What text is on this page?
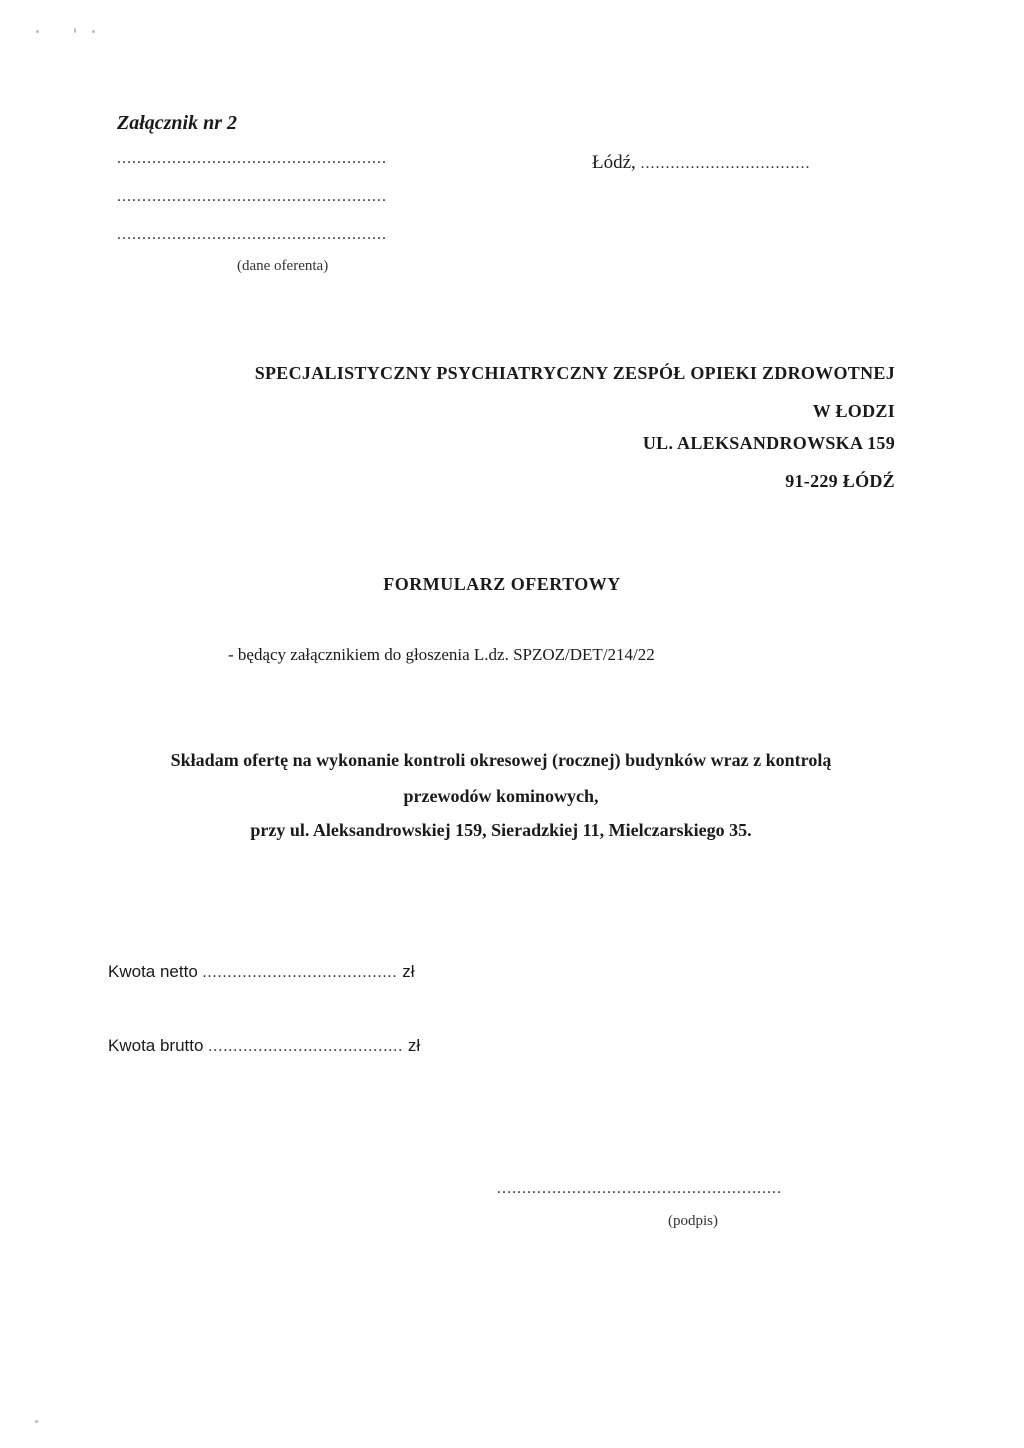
Załącznik nr 2
......................................................
......................................................
......................................................
Łódź, ..................................
(dane oferenta)
SPECJALISTYCZNY PSYCHIATRYCZNY ZESPÓŁ OPIEKI ZDROWOTNEJ
W ŁODZI
UL. ALEKSANDROWSKA 159
91-229 ŁÓDŹ
FORMULARZ OFERTOWY
- będący załącznikiem do głoszenia L.dz. SPZOZ/DET/214/22
Składam ofertę na wykonanie kontroli okresowej (rocznej) budynków wraz z kontrolą
przewodów kominowych,
przy ul. Aleksandrowskiej 159, Sieradzkiej 11, Mielczarskiego 35.
Kwota netto ....................................... zł
Kwota brutto ....................................... zł
.........................................................
(podpis)
